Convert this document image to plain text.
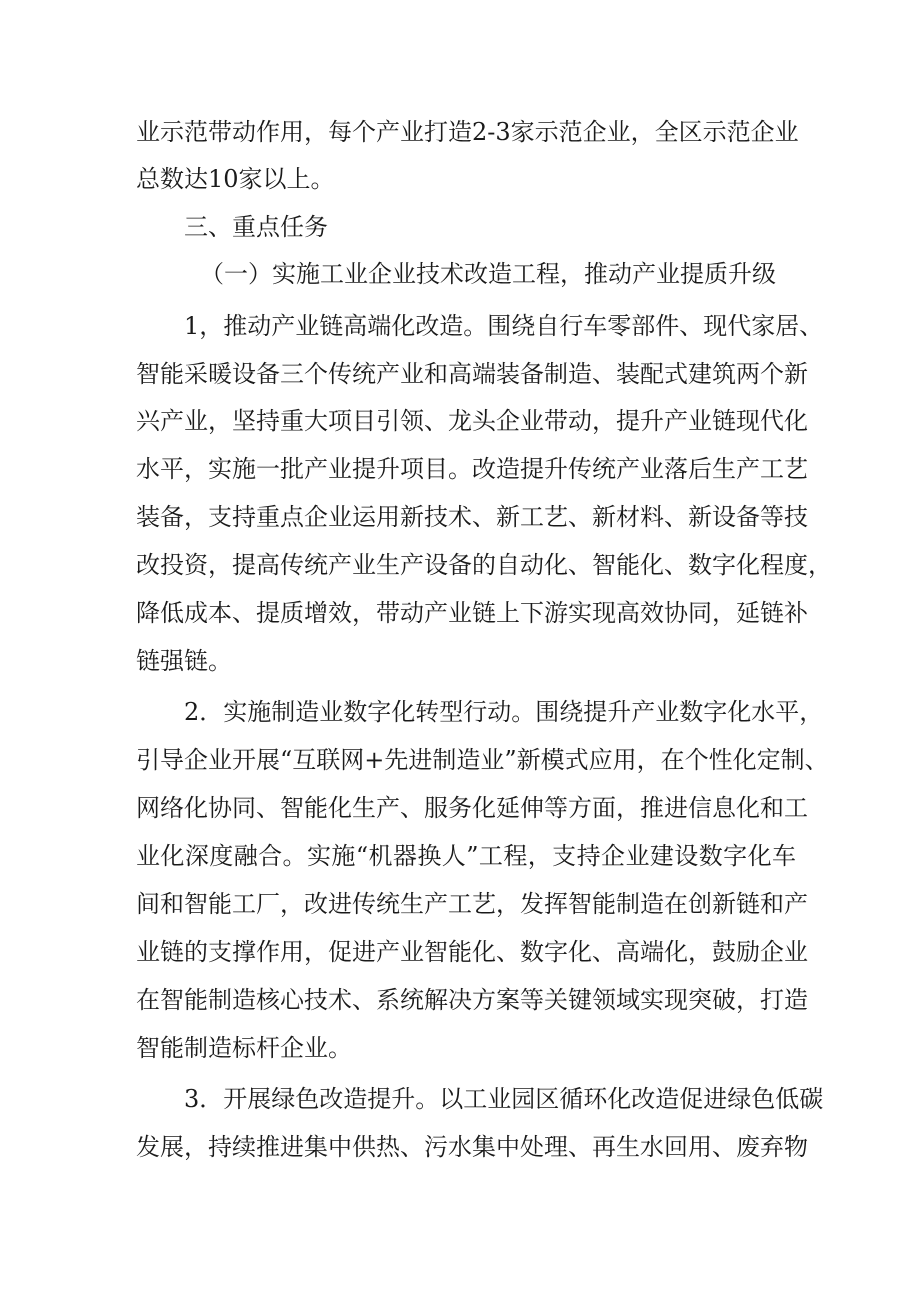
业示范带动作用，每个产业打造2-3家示范企业，全区示范企业
总数达10家以上。
三、重点任务
（一）实施工业企业技术改造工程，推动产业提质升级
1，推动产业链高端化改造。围绕自行车零部件、现代家居、
智能采暖设备三个传统产业和高端装备制造、装配式建筑两个新
兴产业，坚持重大项目引领、龙头企业带动，提升产业链现代化
水平，实施一批产业提升项目。改造提升传统产业落后生产工艺
装备，支持重点企业运用新技术、新工艺、新材料、新设备等技
改投资，提高传统产业生产设备的自动化、智能化、数字化程度，
降低成本、提质增效，带动产业链上下游实现高效协同，延链补
链强链。
2．实施制造业数字化转型行动。围绕提升产业数字化水平，
引导企业开展“互联网+先进制造业”新模式应用，在个性化定制、
网络化协同、智能化生产、服务化延伸等方面，推进信息化和工
业化深度融合。实施“机器换人”工程，支持企业建设数字化车
间和智能工厂，改进传统生产工艺，发挥智能制造在创新链和产
业链的支撑作用，促进产业智能化、数字化、高端化，鼓励企业
在智能制造核心技术、系统解决方案等关键领域实现突破，打造
智能制造标杆企业。
3．开展绿色改造提升。以工业园区循环化改造促进绿色低碳
发展，持续推进集中供热、污水集中处理、再生水回用、废弃物
